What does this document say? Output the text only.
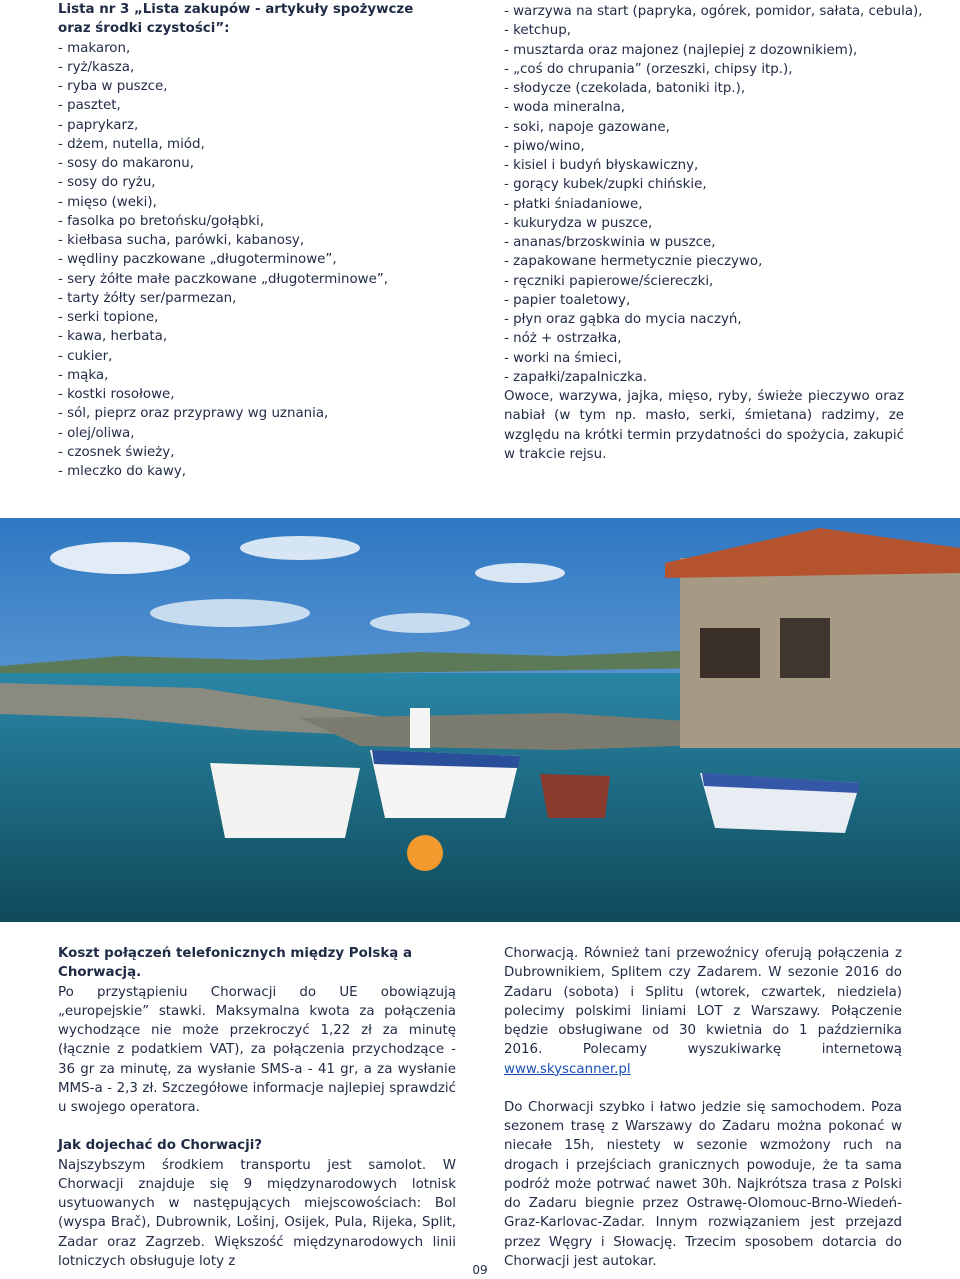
Lista nr 3 „Lista zakupów - artykuły spożywcze
oraz środki czystości”:
- makaron,
- ryż/kasza,
- ryba w puszce,
- pasztet,
- paprykarz,
- dżem, nutella, miód,
- sosy do makaronu,
- sosy do ryżu,
- mięso (weki),
- fasolka po bretońsku/gołąbki,
- kiełbasa sucha, parówki, kabanosy,
- wędliny paczkowane „długoterminowe”,
- sery żółte małe paczkowane „długoterminowe”,
- tarty żółty ser/parmezan,
- serki topione,
- kawa, herbata,
- cukier,
- mąka,
- kostki rosołowe,
- sól, pieprz oraz przyprawy wg uznania,
- olej/oliwa,
- czosnek świeży,
- mleczko do kawy,
- warzywa na start (papryka, ogórek, pomidor, sałata, cebula),
- ketchup,
- musztarda oraz majonez (najlepiej z dozownikiem),
- „coś do chrupania” (orzeszki, chipsy itp.),
- słodycze (czekolada, batoniki itp.),
- woda mineralna,
- soki, napoje gazowane,
- piwo/wino,
- kisiel i budyń błyskawiczny,
- gorący kubek/zupki chińskie,
- płatki śniadaniowe,
- kukurydza w puszce,
- ananas/brzoskwinia w puszce,
- zapakowane hermetycznie pieczywo,
- ręczniki papierowe/ściereczki,
- papier toaletowy,
- płyn oraz gąbka do mycia naczyń,
- nóż + ostrzałka,
- worki na śmieci,
- zapałki/zapalniczka.
Owoce, warzywa, jajka, mięso, ryby, świeże pieczywo oraz nabiał (w tym np. masło, serki, śmietana) radzimy, ze względu na krótki termin przydatności do spożycia, zakupić w trakcie rejsu.
Koszt połączeń telefonicznych między Polską a Chorwacją.
Po przystąpieniu Chorwacji do UE obowiązują „europejskie” stawki. Maksymalna kwota za połączenia wychodzące nie może przekroczyć 1,22 zł za minutę (łącznie z podatkiem VAT), za połączenia przychodzące - 36 gr za minutę, za wysłanie SMS-a - 41 gr, a za wysłanie MMS-a - 2,3 zł. Szczegółowe informacje najlepiej sprawdzić u swojego operatora.
Jak dojechać do Chorwacji?
Najszybszym środkiem transportu jest samolot. W Chorwacji znajduje się 9 międzynarodowych lotnisk usytuowanych w następujących miejscowościach: Bol (wyspa Brač), Dubrownik, Lošinj, Osijek, Pula, Rijeka, Split, Zadar oraz Zagrzeb. Większość międzynarodowych linii lotniczych obsługuje loty z
Chorwacją. Również tani przewoźnicy oferują połączenia z Dubrownikiem, Splitem czy Zadarem. W sezonie 2016 do Zadaru (sobota) i Splitu (wtorek, czwartek, niedziela) polecimy polskimi liniami LOT z Warszawy. Połączenie będzie obsługiwane od 30 kwietnia do 1 października 2016. Polecamy wyszukiwarkę internetową www.skyscanner.pl
Do Chorwacji szybko i łatwo jedzie się samochodem. Poza sezonem trasę z Warszawy do Zadaru można pokonać w niecałe 15h, niestety w sezonie wzmożony ruch na drogach i przejściach granicznych powoduje, że ta sama podróż może potrwać nawet 30h. Najkrótsza trasa z Polski do Zadaru biegnie przez Ostrawę-Olomouc-Brno-Wiedeń-Graz-Karlovac-Zadar. Innym rozwiązaniem jest przejazd przez Węgry i Słowację. Trzecim sposobem dotarcia do Chorwacji jest autokar.
09
